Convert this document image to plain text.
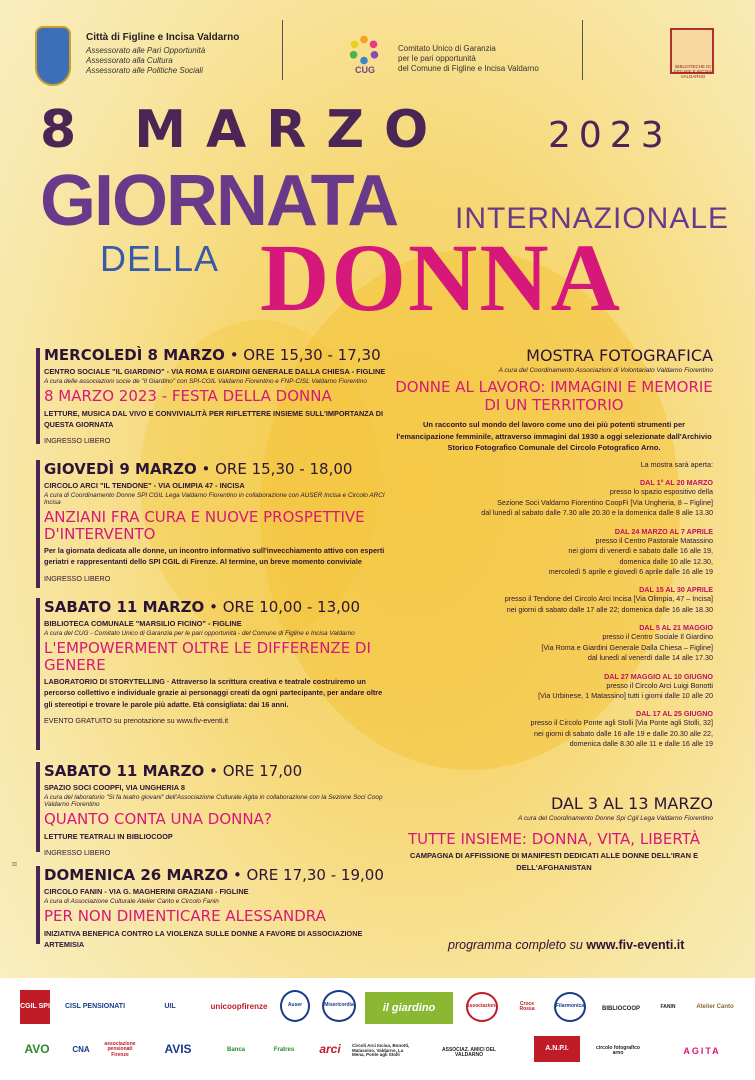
Città di Figline e Incisa Valdarno
Assessorato alle Pari Opportunità
Assessorato alla Cultura
Assessorato alle Politiche Sociali	CUG
Comitato Unico di Garanzia
per le pari opportunità
del Comune di Figline e Incisa Valdarno	BIBLIOTECHE DI FIGLINE E INCISA VALDARNO
8 MARZO	2023
GIORNATA INTERNAZIONALE
DELLA DONNA
MERCOLEDÌ 8 MARZO • ORE 15,30 - 17,30
CENTRO SOCIALE "IL GIARDINO" - VIA ROMA E GIARDINI GENERALE DALLA CHIESA - FIGLINE
A cura delle associazioni socie de "Il Giardino" con SPI-CGIL Valdarno Fiorentino e FNP-CISL Valdarno Fiorentino
8 MARZO 2023 - FESTA DELLA DONNA
LETTURE, MUSICA DAL VIVO E CONVIVIALITÀ PER RIFLETTERE INSIEME SULL'IMPORTANZA DI QUESTA GIORNATA
INGRESSO LIBERO
GIOVEDÌ 9 MARZO • ORE 15,30 - 18,00
CIRCOLO ARCI "IL TENDONE" - VIA OLIMPIA 47 - INCISA
A cura di Coordinamento Donne SPI CGIL Lega Valdarno Fiorentino in collaborazione con AUSER Incisa e Circolo ARCI Incisa
ANZIANI FRA CURA E NUOVE PROSPETTIVE D'INTERVENTO
Per la giornata dedicata alle donne, un incontro informativo sull'invecchiamento attivo con esperti geriatri e rappresentanti dello SPI CGIL di Firenze. Al termine, un breve momento conviviale
INGRESSO LIBERO
SABATO 11 MARZO • ORE 10,00 - 13,00
BIBLIOTECA COMUNALE "MARSILIO FICINO" - FIGLINE
A cura del CUG - Comitato Unico di Garanzia per le pari opportunità - del Comune di Figline e Incisa Valdarno
L'EMPOWERMENT OLTRE LE DIFFERENZE DI GENERE
LABORATORIO DI STORYTELLING · Attraverso la scrittura creativa e teatrale costruiremo un percorso collettivo e individuale grazie ai personaggi creati da ogni partecipante, per andare oltre gli stereotipi e trovare le parole più adatte. Età consigliata: dai 16 anni.
EVENTO GRATUITO su prenotazione su www.fiv-eventi.it
SABATO 11 MARZO • ORE 17,00
SPAZIO SOCI COOPFI, VIA UNGHERIA 8
A cura del laboratorio "Si fa teatro giovani" dell'Associazione Culturale Agita in collaborazione con la Sezione Soci Coop Valdarno Fiorentino
QUANTO CONTA UNA DONNA?
LETTURE TEATRALI IN BIBLIOCOOP
INGRESSO LIBERO
DOMENICA 26 MARZO • ORE 17,30 - 19,00
CIRCOLO FANIN - VIA G. MAGHERINI GRAZIANI - FIGLINE
A cura di Associazione Culturale Atelier Canto e Circolo Fanin
PER NON DIMENTICARE ALESSANDRA
INIZIATIVA BENEFICA CONTRO LA VIOLENZA SULLE DONNE A FAVORE DI ASSOCIAZIONE ARTEMISIA
MOSTRA FOTOGRAFICA
A cura del Coordinamento Associazioni di Volontariato Valdarno Fiorentino
DONNE AL LAVORO: IMMAGINI E MEMORIE DI UN TERRITORIO
Un racconto sul mondo del lavoro come uno dei più potenti strumenti per l'emancipazione femminile, attraverso immagini dal 1930 a oggi selezionate dall'Archivio Storico Fotografico Comunale del Circolo Fotografico Arno.
La mostra sarà aperta:
DAL 1° AL 20 MARZO
presso lo spazio espositivo della
Sezione Soci Valdarno Fiorentino CoopFi [Via Ungheria, 8 – Figline]
dal lunedì al sabato dalle 7.30 alle 20.30 e la domenica dalle 8 alle 13.30
DAL 24 MARZO AL 7 APRILE
presso il Centro Pastorale Matassino
nei giorni di venerdì e sabato dalle 16 alle 19,
domenica dalle 10 alle 12.30,
mercoledì 5 aprile e giovedì 6 aprile dalle 16 alle 19
DAL 15 AL 30 APRILE
presso il Tendone del Circolo Arci Incisa [Via Olimpia, 47 – Incisa]
nei giorni di sabato dalle 17 alle 22; domenica dalle 16 alle 18.30
DAL 5 AL 21 MAGGIO
presso il Centro Sociale Il Giardino
[Via Roma e Giardini Generale Dalla Chiesa – Figline]
dal lunedì al venerdì dalle 14 alle 17.30
DAL 27 MAGGIO AL 10 GIUGNO
presso il Circolo Arci Luigi Bonotti
[Via Urbinese, 1 Matassino] tutti i giorni dalle 10 alle 20
DAL 17 AL 25 GIUGNO
presso il Circolo Ponte agli Stolli [Via Ponte agli Stolli, 32]
nei giorni di sabato dalle 16 alle 19 e dalle 20.30 alle 22,
domenica dalle 8.30 alle 11 e dalle 16 alle 19
DAL 3 AL 13 MARZO
A cura del Coordinamento Donne Spi Cgil Lega Valdarno Fiorentino
TUTTE INSIEME: DONNA, VITA, LIBERTÀ
CAMPAGNA DI AFFISSIONE DI MANIFESTI DEDICATI ALLE DONNE DELL'IRAN E DELL'AFGHANISTAN
programma completo su www.fiv-eventi.it
|||
CGIL SPI	CISL PENSIONATI	UIL	unicoopfirenze	Auser	Misericordia	il giardino	Associazione	Croce Rossa	Filarmonica	BIBLIOCOOP	FANIN	Atelier Canto
AVO	CNA
associazione pensionati Firenze	AVIS	Banca	Fratres	arci	Circoli Arci Incisa, Bonotti, Matassino, Valdarno, La Mena, Ponte agli Stolli
ASSOCIAZ. AMICI DEL VALDARNO
A.N.P.I.	circolo fotografico arno	AGITA
